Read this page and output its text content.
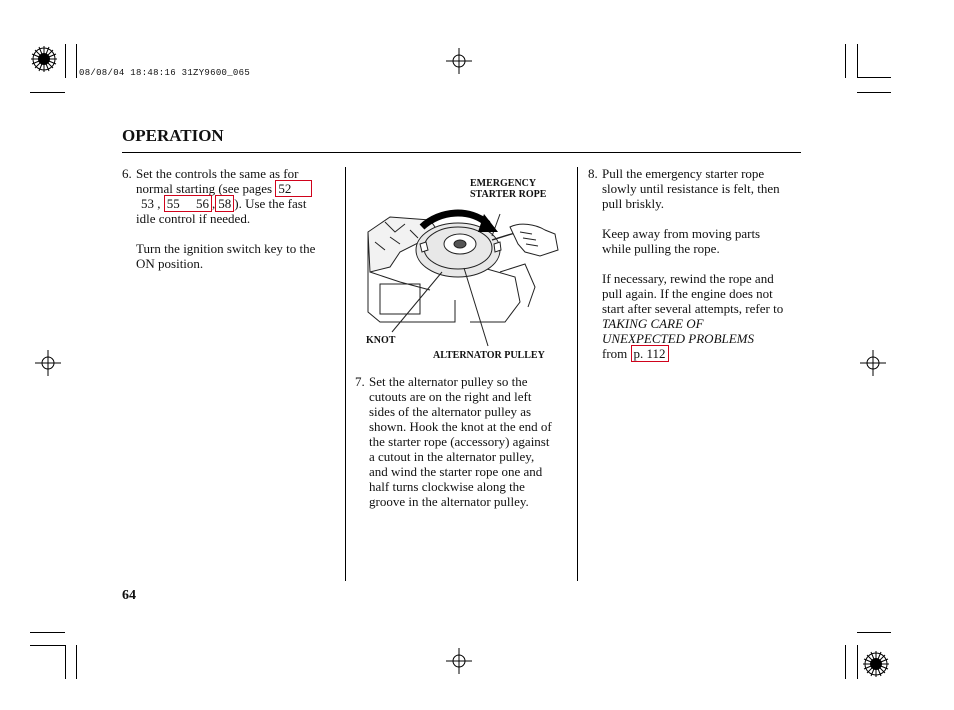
08/08/04 18:48:16 31ZY9600_065
OPERATION
6. Set the controls the same as for
normal starting (see pages 52
53 , 55     56 , 58 ). Use the fast
idle control if needed.
Turn the ignition switch key to the
ON position.
EMERGENCY
STARTER ROPE
KNOT
ALTERNATOR PULLEY
7. Set the alternator pulley so the
cutouts are on the right and left
sides of the alternator pulley as
shown. Hook the knot at the end of
the starter rope (accessory) against
a cutout in the alternator pulley,
and wind the starter rope one and
half turns clockwise along the
groove in the alternator pulley.
8. Pull the emergency starter rope
slowly until resistance is felt, then
pull briskly.
Keep away from moving parts
while pulling the rope.
If necessary, rewind the rope and
pull again. If the engine does not
start after several attempts, refer to
TAKING CARE OF
UNEXPECTED PROBLEMS
from p. 112
64
